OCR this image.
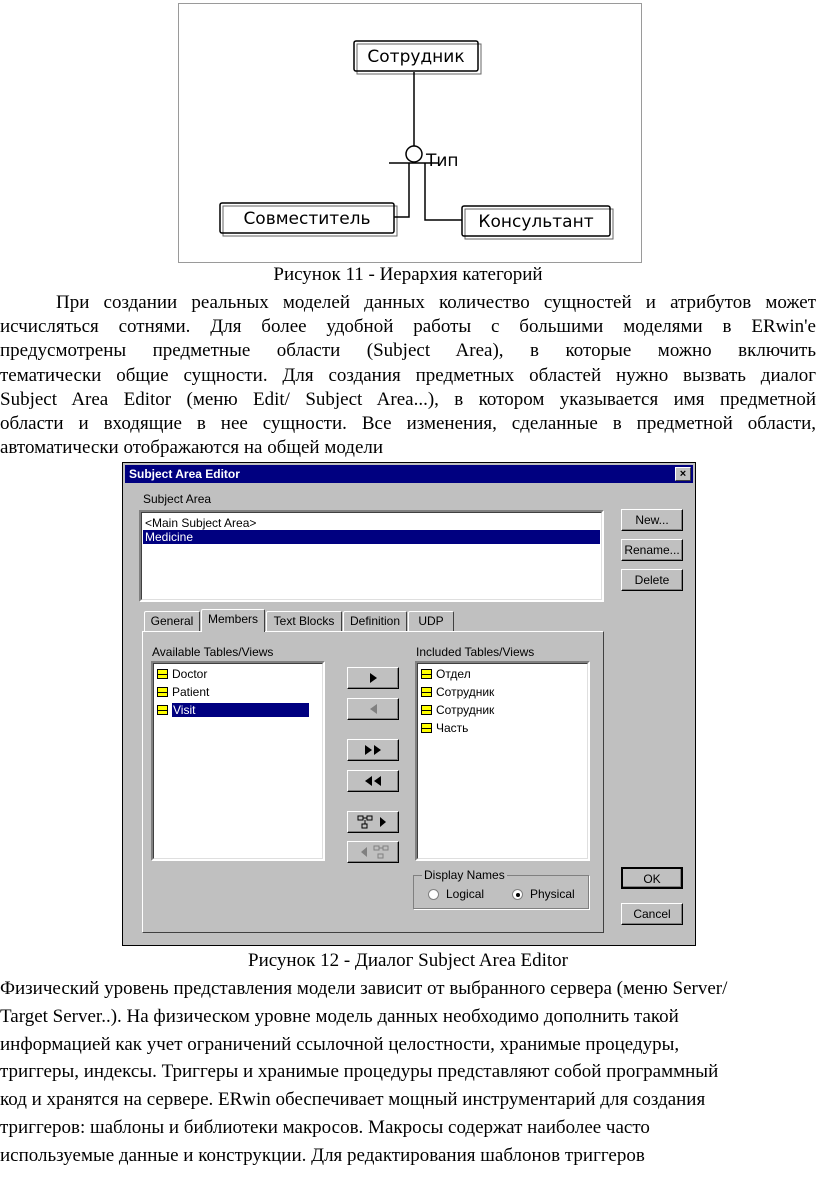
Сотрудник
Совместитель	Консультант
Тип
Рисунок 11 - Иерархия категорий
При создании реальных моделей данных количество сущностей и атрибутов может
исчисляться сотнями. Для более удобной работы с большими моделями в ERwin'e
предусмотрены предметные области (Subject Area), в которые можно включить
тематически общие сущности. Для создания предметных областей нужно вызвать диалог
Subject Area Editor (меню Edit/ Subject Area...), в котором указывается имя предметной
области и входящие в нее сущности. Все изменения, сделанные в предметной области,
автоматически отображаются на общей модели
Subject Area Editor	×
Subject Area
<Main Subject Area>
Medicine
New...
Rename...
Delete
General	Members	Text Blocks	Definition	UDP
Available Tables/Views
Doctor
Patient
Visit
Included Tables/Views
Отдел
Сотрудник
Сотрудник
Часть
Display Names
Logical	Physical
OK
Cancel
Рисунок 12 - Диалог Subject Area Editor
Физический уровень представления модели зависит от выбранного сервера (меню Server/
Target Server..). На физическом уровне модель данных необходимо дополнить такой
информацией как учет ограничений ссылочной целостности, хранимые процедуры,
триггеры, индексы. Триггеры и хранимые процедуры представляют собой программный
код и хранятся на сервере. ERwin обеспечивает мощный инструментарий для создания
триггеров: шаблоны и библиотеки макросов. Макросы содержат наиболее часто
используемые данные и конструкции. Для редактирования шаблонов триггеров
